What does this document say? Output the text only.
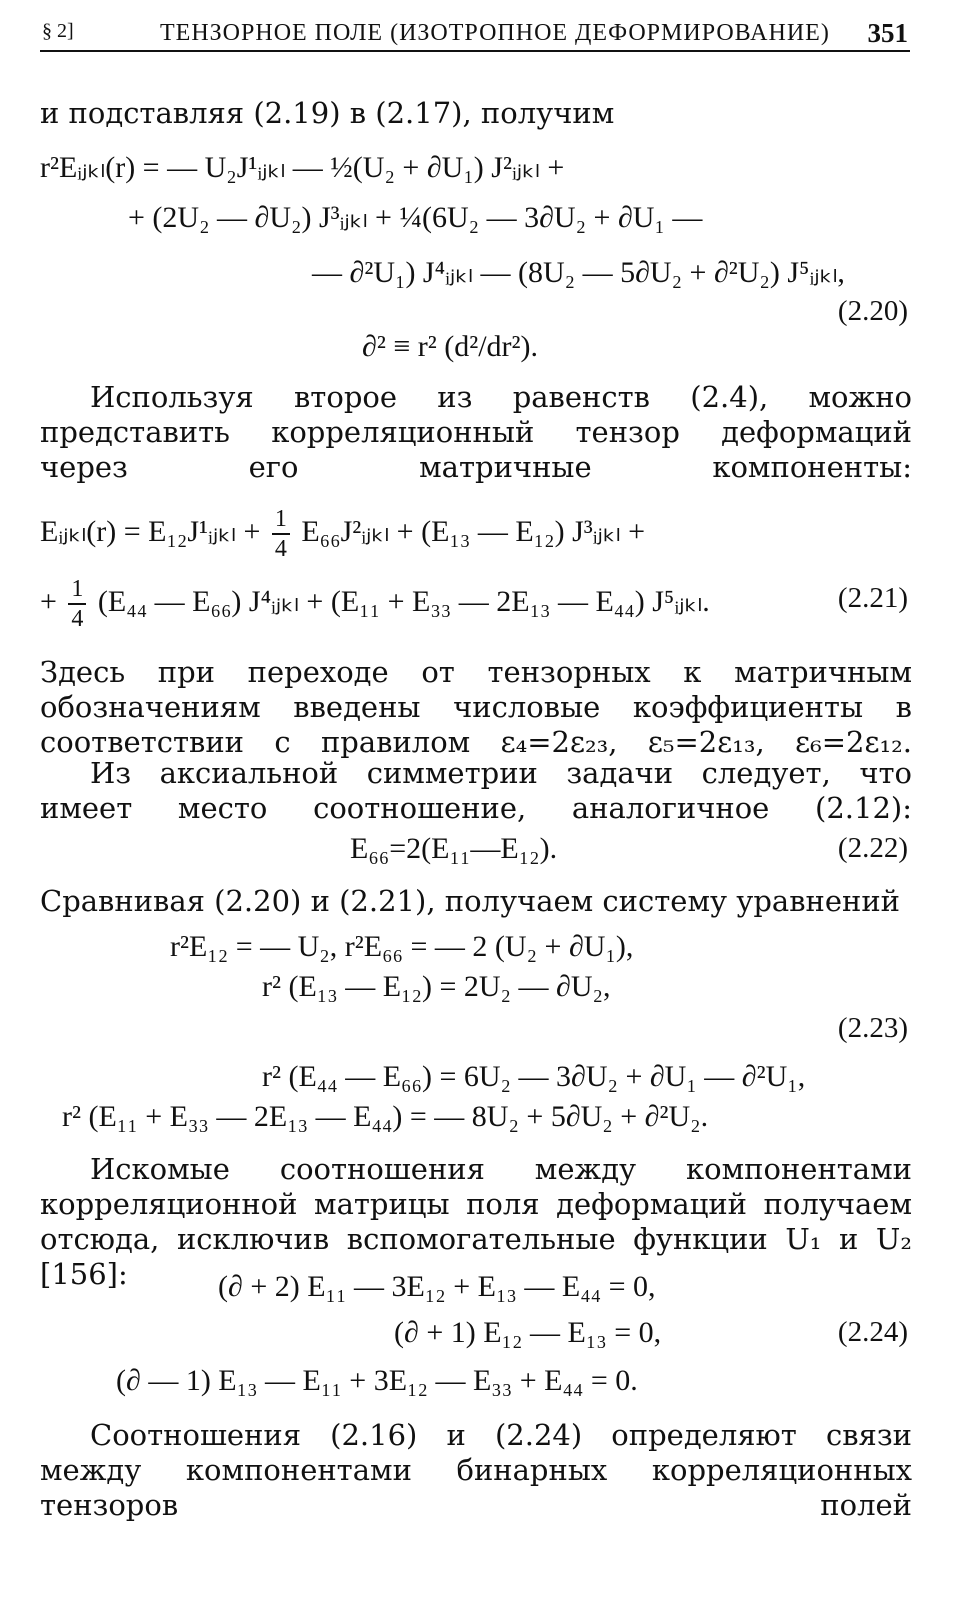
§ 2]	ТЕНЗОРНОЕ ПОЛЕ (ИЗОТРОПНОЕ ДЕФОРМИРОВАНИЕ) 351
и подставляя (2.19) в (2.17), получим
r²Eᵢⱼₖₗ(r) = — U₂J¹ᵢⱼₖₗ — ½(U₂ + ∂U₁) J²ᵢⱼₖₗ +
+ (2U₂ — ∂U₂) J³ᵢⱼₖₗ + ¼(6U₂ — 3∂U₂ + ∂U₁ —
— ∂²U₁) J⁴ᵢⱼₖₗ — (8U₂ — 5∂U₂ + ∂²U₂) J⁵ᵢⱼₖₗ,
(2.20)
∂² ≡ r² (d²/dr²).
Используя второе из равенств (2.4), можно представить корреляционный тензор деформаций через его матричные компоненты:
Eᵢⱼₖₗ(r) = E₁₂J¹ᵢⱼₖₗ + $\frac{1}{4}$ E₆₆J²ᵢⱼₖₗ + (E₁₃ — E₁₂) J³ᵢⱼₖₗ +
+ $\frac{1}{4} (E_{44}$ — E₆₆) J⁴ᵢⱼₖₗ + (E₁₁ + E₃₃ — 2E₁₃ — E₄₄) J⁵ᵢⱼₖₗ.	(2.21)
Здесь при переходе от тензорных к матричным обозначениям введены числовые коэффициенты в соответствии с правилом ε₄=2ε₂₃, ε₅=2ε₁₃, ε₆=2ε₁₂.
Из аксиальной симметрии задачи следует, что имеет место соотношение, аналогичное (2.12):
E₆₆=2(E₁₁—E₁₂).	(2.22)
Сравнивая (2.20) и (2.21), получаем систему уравнений
r²E₁₂ = — U₂, r²E₆₆ = — 2 (U₂ + ∂U₁),
r² (E₁₃ — E₁₂) = 2U₂ — ∂U₂,
(2.23)
r² (E₄₄ — E₆₆) = 6U₂ — 3∂U₂ + ∂U₁ — ∂²U₁,
r² (E₁₁ + E₃₃ — 2E₁₃ — E₄₄) = — 8U₂ + 5∂U₂ + ∂²U₂.
Искомые соотношения между компонентами корреляционной матрицы поля деформаций получаем отсюда, исключив вспомогательные функции U₁ и U₂ [156]:	(∂ + 2) E₁₁ — 3E₁₂ + E₁₃ — E₄₄ = 0,
(∂ + 1) E₁₂ — E₁₃ = 0,	(2.24)
(∂ — 1) E₁₃ — E₁₁ + 3E₁₂ — E₃₃ + E₄₄ = 0.
Соотношения (2.16) и (2.24) определяют связи между компонентами бинарных корреляционных тензоров полей
